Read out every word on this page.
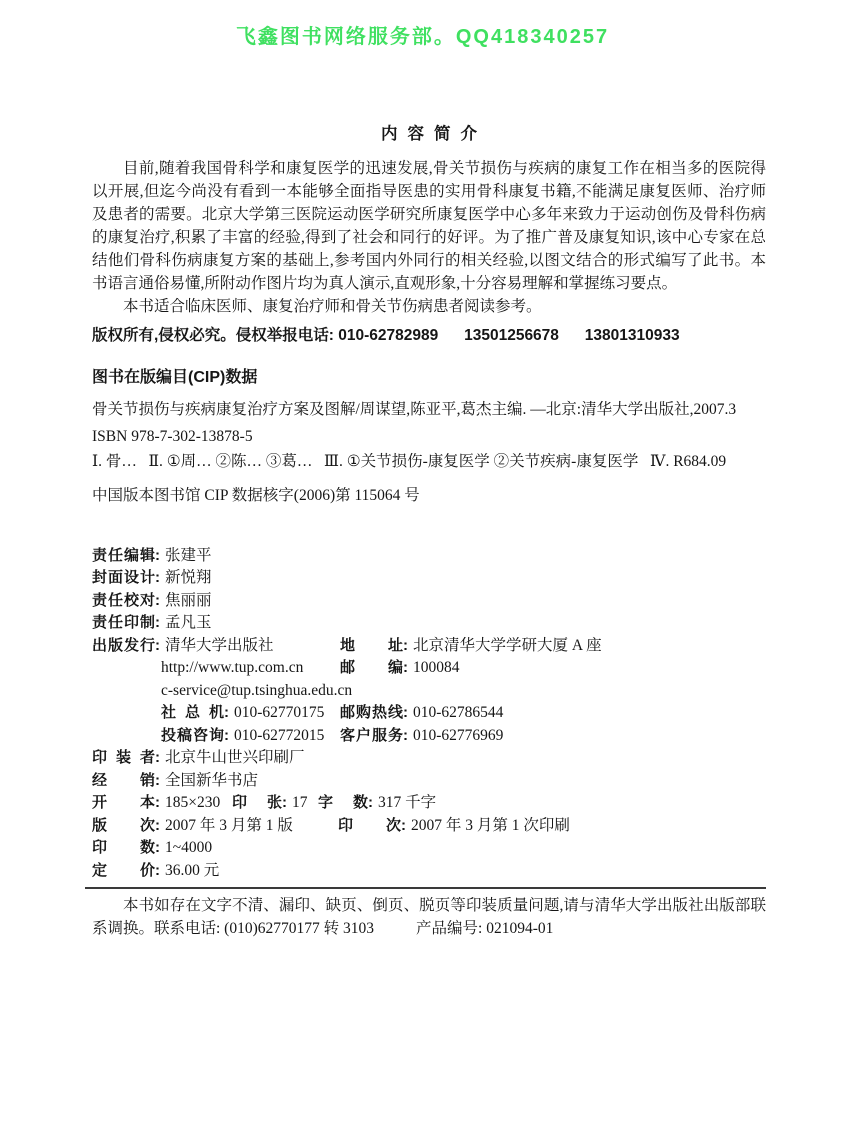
飞鑫图书网络服务部。QQ418340257
内容简介

目前,随着我国骨科学和康复医学的迅速发展,骨关节损伤与疾病的康复工作在相当多的医院得以开展,但迄今尚没有看到一本能够全面指导医患的实用骨科康复书籍,不能满足康复医师、治疗师及患者的需要。北京大学第三医院运动医学研究所康复医学中心多年来致力于运动创伤及骨科伤病的康复治疗,积累了丰富的经验,得到了社会和同行的好评。为了推广普及康复知识,该中心专家在总结他们骨科伤病康复方案的基础上,参考国内外同行的相关经验,以图文结合的形式编写了此书。本书语言通俗易懂,所附动作图片均为真人演示,直观形象,十分容易理解和掌握练习要点。

本书适合临床医师、康复治疗师和骨关节伤病患者阅读参考。

版权所有,侵权必究。侵权举报电话: 010-62782989      13501256678      13801310933

图书在版编目(CIP)数据

骨关节损伤与疾病康复治疗方案及图解/周谋望,陈亚平,葛杰主编. —北京:清华大学出版社,2007.3

ISBN 978-7-302-13878-5

Ⅰ. 骨…   Ⅱ. ①周… ②陈… ③葛…   Ⅲ. ①关节损伤-康复医学 ②关节疾病-康复医学   Ⅳ. R684.09

中国版本图书馆 CIP 数据核字(2006)第 115064 号

责任编辑: 张建平
封面设计: 新悦翔
责任校对: 焦丽丽
责任印制: 孟凡玉
出版发行: 清华大学出版社	地址: 北京清华大学学研大厦 A 座
http://www.tup.com.cn 邮编: 100084
c-service@tup.tsinghua.edu.cn
社总机: 010-62770175 邮购热线: 010-62786544
投稿咨询: 010-62772015 客户服务: 010-62776969
印装者: 北京牛山世兴印刷厂
经销: 全国新华书店
开本: 185×230 印张: 17 字数: 317 千字
版次: 2007 年 3 月第 1 版	印次: 2007 年 3 月第 1 次印刷
印数: 1~4000
定价: 36.00 元

本书如存在文字不清、漏印、缺页、倒页、脱页等印装质量问题,请与清华大学出版社出版部联系调换。联系电话: (010)62770177 转 3103	产品编号: 021094-01
